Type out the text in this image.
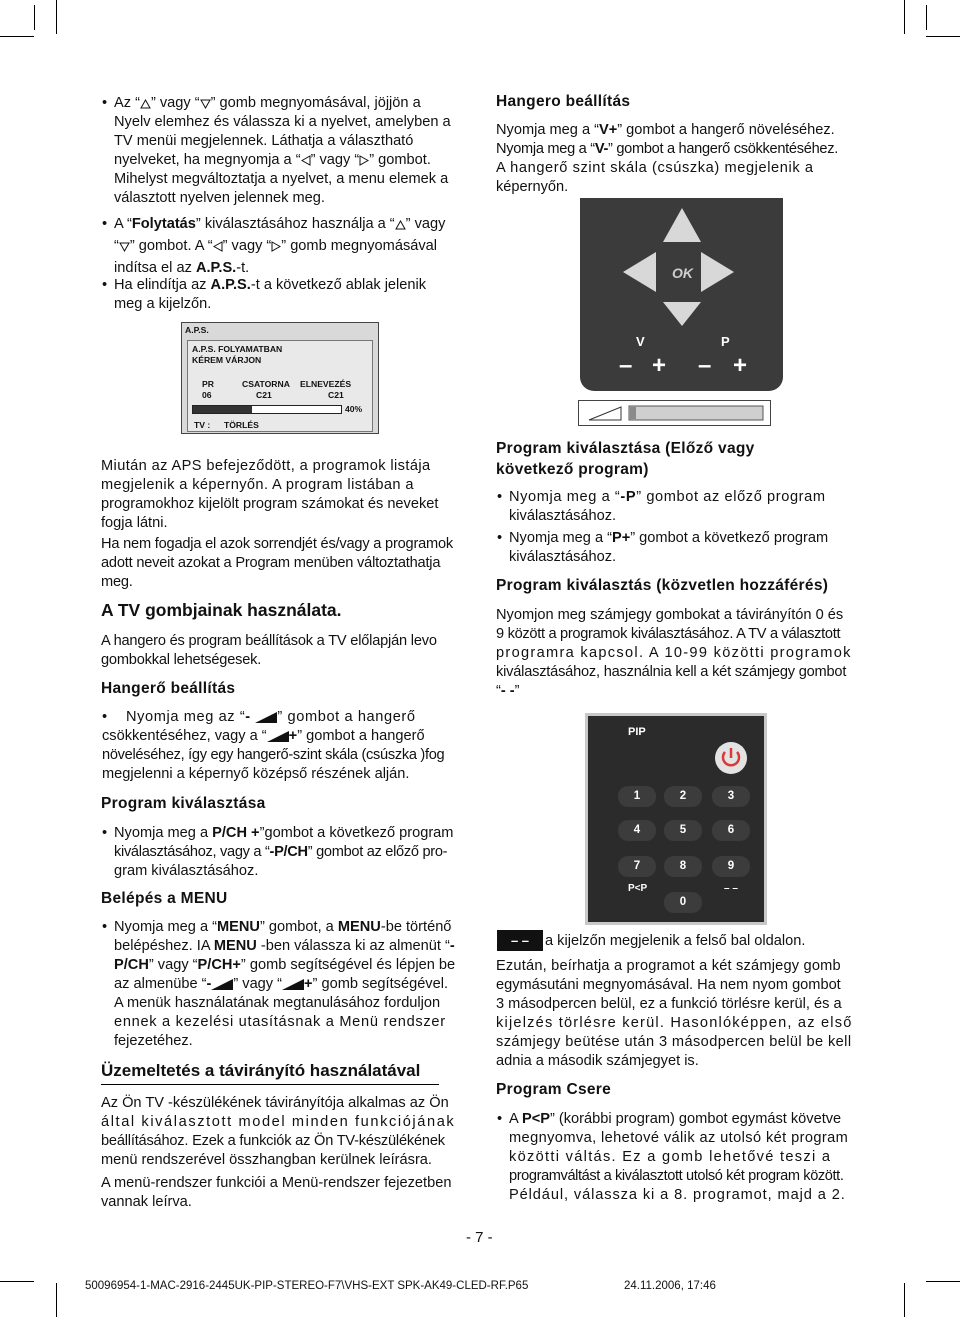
• Az “ ” vagy “ ” gomb megnyomásával, jöjjön a
Nyelv elemhez és válassza ki a nyelvet, amelyben a
TV menüi megjelennek. Láthatja a választható
nyelveket, ha megnyomja a “ ” vagy “ ” gombot.
Mihelyst megváltoztatja a nyelvet, a menu elemek a
választott nyelven jelennek meg.
• A “Folytatás” kiválasztásához használja a “ ” vagy
“ ” gombot. A “ ” vagy “ ” gomb megnyomásával
indítsa el az A.P.S.-t.
• Ha elindítja az A.P.S.-t a következő ablak jelenik
meg a kijelzőn.
A.P.S.
A.P.S. FOLYAMATBAN
KÉREM VÁRJON
PR	CSATORNA ELNEVEZÉS
06	C21	C21
TV : TÖRLÉS
40%
Miután az APS befejeződött, a programok listája
megjelenik a képernyőn. A program listában a
programokhoz kijelölt program számokat és neveket
fogja látni.
Ha nem fogadja el azok sorrendjét és/vagy a programok
adott neveit azokat a Program menüben változtathatja
meg.
A TV gombjainak használata.
A hangero és program beállítások a TV előlapján levo
gombokkal lehetségesek.
Hangerő beállítás
• Nyomja meg az “- ” gombot a hangerő
csökkentéséhez, vagy a “ +” gombot a hangerő
növeléséhez, így egy hangerő-szint skála (csúszka )fog
megjelenni a képernyő középső részének alján.
Program kiválasztása
• Nyomja meg a P/CH +”gombot a következő program
kiválasztásához, vagy a “-P/CH” gombot az előző pro-
gram kiválasztásához.
Belépés a MENU
• Nyomja meg a “MENU” gombot, a MENU-be történő
belépéshez. IA MENU -ben válassza ki az almenüt “-
P/CH” vagy “P/CH+” gomb segítségével és lépjen be
az almenübe “- ” vagy “ +” gomb segítségével.
A menük használatának megtanulásához forduljon
ennek a kezelési utasításnak a Menü rendszer
fejezetéhez.
Üzemeltetés a távirányító használatával
Az Ön TV -készülékének távirányítója alkalmas az Ön
által kiválasztott model minden funkciójának
beállításához. Ezek a funkciók az Ön TV-készülékének
menü rendszerével összhangban kerülnek leírásra.
A menü-rendszer funkciói a Menü-rendszer fejezetben
vannak leírva.
Hangero beállítás
Nyomja meg a “V+” gombot a hangerő növeléséhez.
Nyomja meg a “V-” gombot a hangerő csökkentéséhez.
A hangerő szint skála (csúszka) megjelenik a
képernyőn.
OK
V	P
– + – +
Program kiválasztása (Előző vagy
következő program)
• Nyomja meg a “-P” gombot az előző program
kiválasztásához.
• Nyomja meg a “P+” gombot a következő program
kiválasztásához.
Program kiválasztás (közvetlen hozzáférés)
Nyomjon meg számjegy gombokat a távirányítón 0 és
9 között a programok kiválasztásához. A TV a választott
programra kapcsol. A 10-99 közötti programok
kiválasztásához, használnia kell a két számjegy gombot
“- -”
PIP
1	2	3
4	5	6
7	8	9
P<P	– –
0
– –	a kijelzőn megjelenik a felső bal oldalon.
Ezután, beírhatja a programot a két számjegy gomb
egymásutáni megnyomásával. Ha nem nyom gombot
3 másodpercen belül, ez a funkció törlésre kerül, és a
kijelzés törlésre kerül. Hasonlóképpen, az első
számjegy beütése után 3 másodpercen belül be kell
adnia a második számjegyet is.
Program Csere
• A P<P” (korábbi program) gombot egymást követve
megnyomva, lehetové válik az utolsó két program
közötti váltás. Ez a gomb lehetővé teszi a
programváltást a kiválasztott utolsó két program között.
Például, válassza ki a 8. programot, majd a 2.
- 7 -
50096954-1-MAC-2916-2445UK-PIP-STEREO-F7\VHS-EXT SPK-AK49-CLED-RF.P65	24.11.2006, 17:46
